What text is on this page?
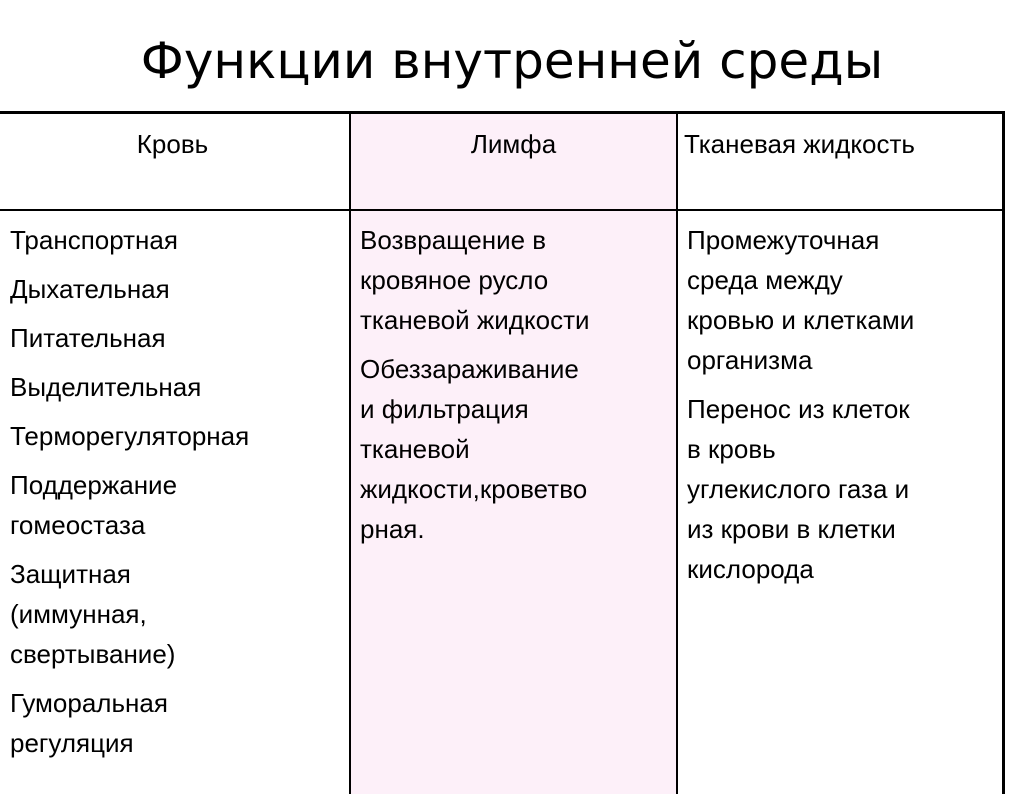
Функции внутренней среды
Кровь
Транспортная
Дыхательная
Питательная
Выделительная
Терморегуляторная
Поддержание
гомеостаза
Защитная
(иммунная,
свертывание)
Гуморальная
регуляция
Лимфа
Возвращение в
кровяное русло
тканевой жидкости
Обеззараживание
и фильтрация
тканевой
жидкости,кроветво
рная.
Тканевая жидкость
Промежуточная
среда между
кровью и клетками
организма
Перенос из клеток
в кровь
углекислого газа и
из крови в клетки
кислорода
